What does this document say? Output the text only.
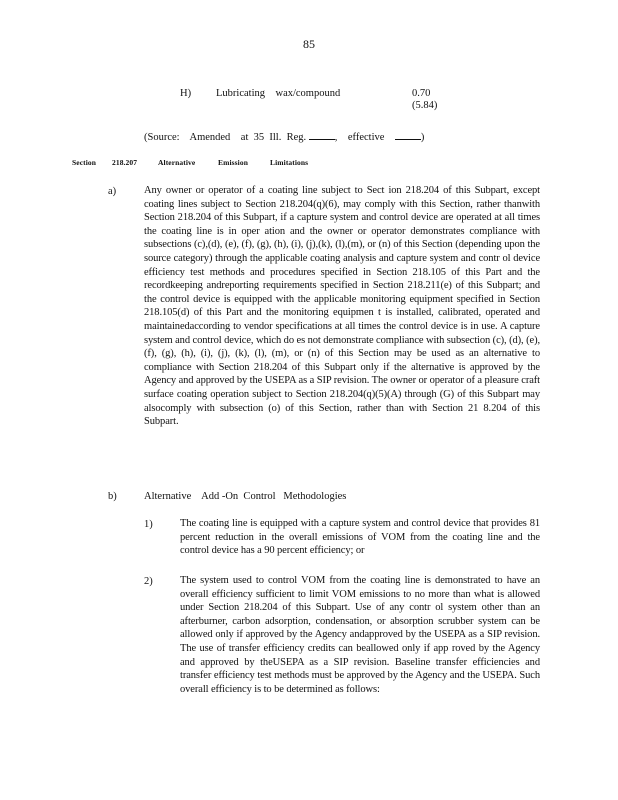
85
H) Lubricating    wax/compound	0.70
(5.84)
(Source:    Amended    at  35  Ill.  Reg.	,    effective	)
Section 218.207	Alternative	Emission	Limitations
a)	Any owner or operator of a coating line subject to Sect ion 218.204 of this Subpart, except coating lines subject to Section 218.204(q)(6), may comply with this Section, rather thanwith Section 218.204 of this Subpart, if a capture system and control device are operated at all times the coating line is in oper ation and the owner or operator demonstrates compliance with subsections (c),(d), (e), (f), (g), (h), (i), (j),(k), (l),(m), or (n) of this Section (depending upon the source category) through the applicable coating analysis and capture system and contr ol device efficiency test methods and procedures specified in Section 218.105 of this Part and the recordkeeping andreporting requirements specified in Section 218.211(e) of this Subpart; and the control device is equipped with the applicable monitoring equipment specified in Section 218.105(d) of this Part and the monitoring equipmen t is installed, calibrated, operated and maintainedaccording to vendor specifications at all times the control device is in use. A capture system and control device, which do es not demonstrate compliance with subsection (c), (d), (e), (f), (g), (h), (i), (j), (k), (l), (m), or (n) of this Section may be used as an alternative to compliance with Section 218.204 of this Subpart only if the alternative is approved by the Agency and approved by the USEPA as a SIP revision. The owner or operator of a pleasure craft surface coating operation subject to Section 218.204(q)(5)(A) through (G) of this Subpart may alsocomply with subsection (o) of this Section, rather than with Section 21 8.204 of this Subpart.
b)	Alternative    Add -On  Control   Methodologies
1)	The coating line is equipped with a capture system and control device that provides 81 percent reduction in the overall emissions of VOM from the coating line and the control device has a 90 percent efficiency; or
2)	The system used to control VOM from the coating line is demonstrated to have an overall efficiency sufficient to limit VOM emissions to no more than what is allowed under Section 218.204 of this Subpart. Use of any contr ol system other than an afterburner, carbon adsorption, condensation, or absorption scrubber system can be allowed only if approved by the Agency andapproved by the USEPA as a SIP revision. The use of transfer efficiency credits can beallowed only if app roved by the Agency and approved by theUSEPA as a SIP revision. Baseline transfer efficiencies and transfer efficiency test methods must be approved by the Agency and the USEPA. Such overall efficiency is to be determined as follows:
